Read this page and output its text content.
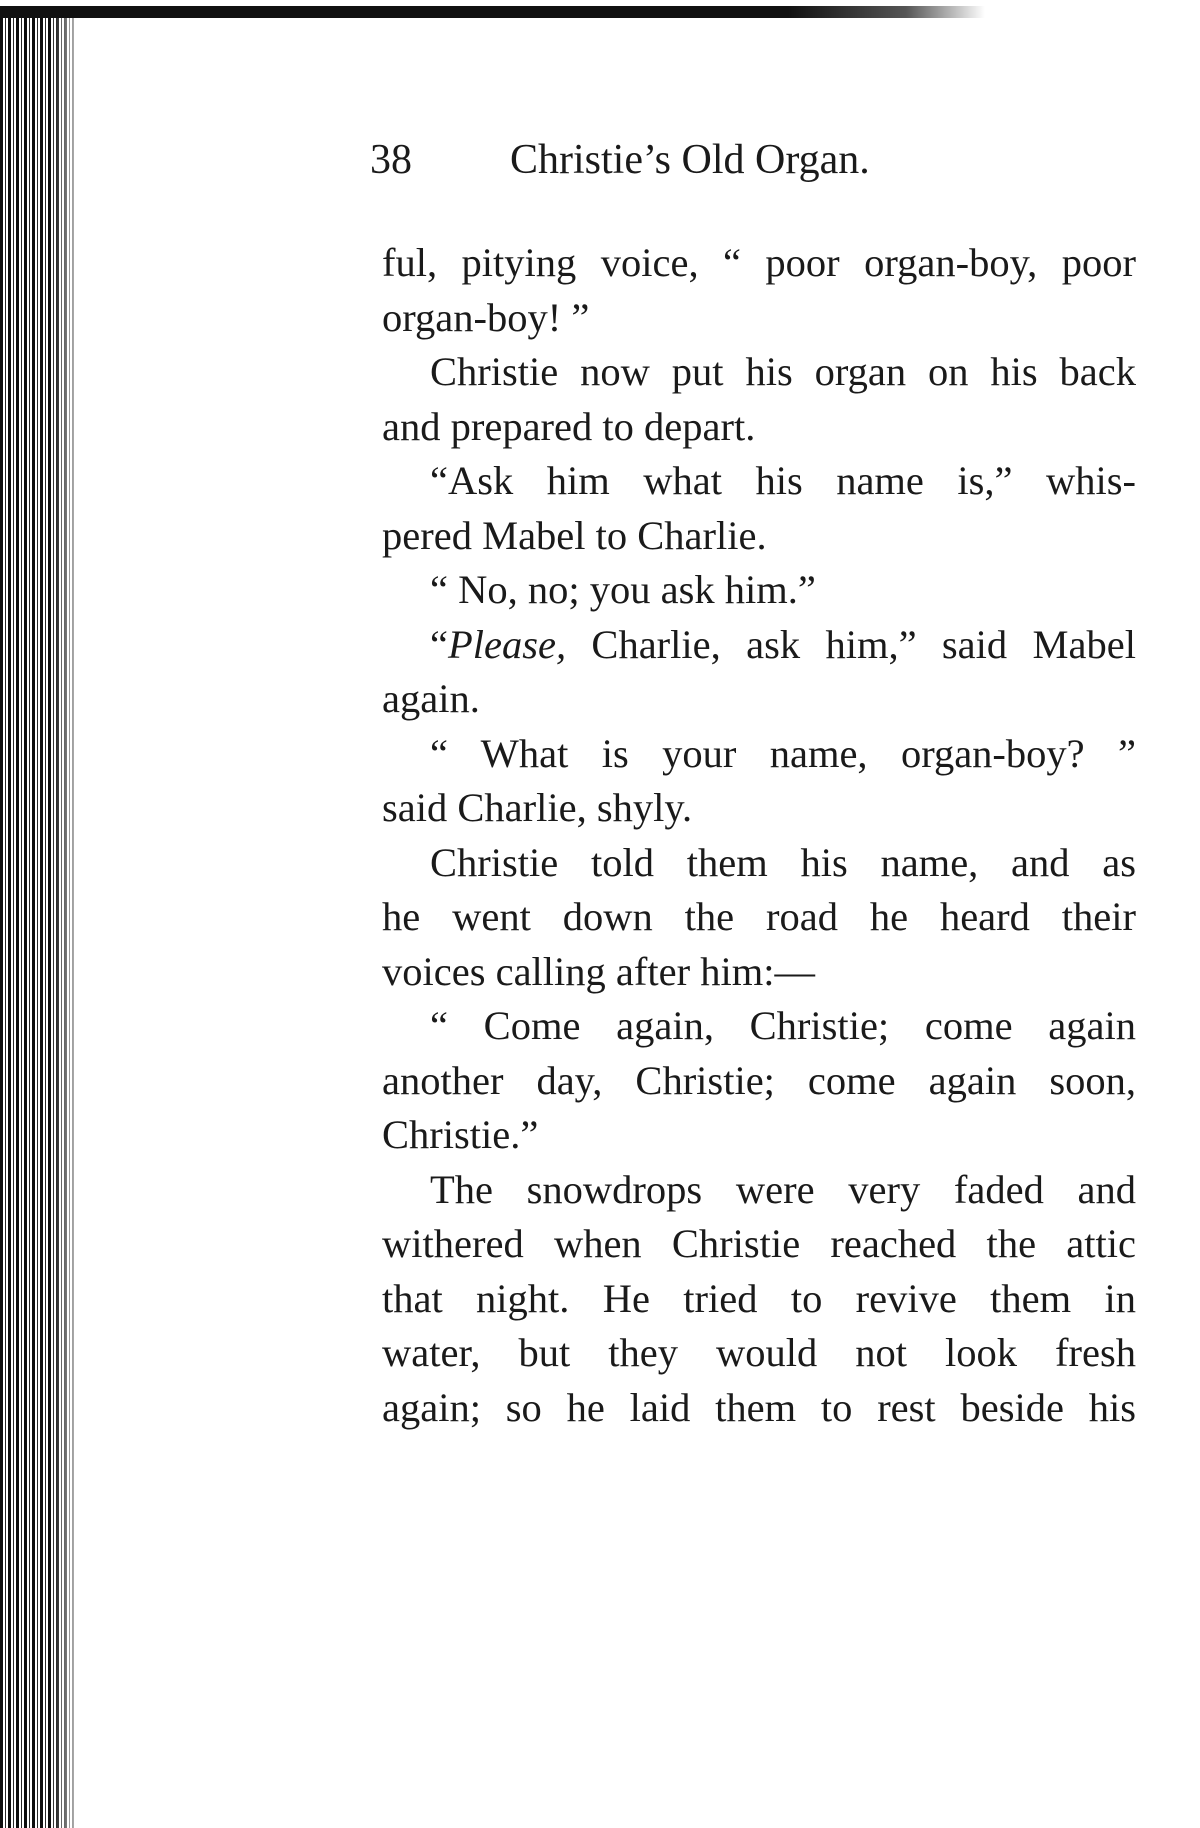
38 Christie’s Old Organ.
ful, pitying voice, “ poor organ-boy, poor
organ-boy! ”
Christie now put his organ on his back
and prepared to depart.
“Ask him what his name is,” whis-
pered Mabel to Charlie.
“ No, no; you ask him.”
“Please, Charlie, ask him,” said Mabel
again.
“ What is your name, organ-boy? ”
said Charlie, shyly.
Christie told them his name, and as
he went down the road he heard their
voices calling after him:—
“ Come again, Christie; come again
another day, Christie; come again soon,
Christie.”
The snowdrops were very faded and
withered when Christie reached the attic
that night. He tried to revive them in
water, but they would not look fresh
again; so he laid them to rest beside his
